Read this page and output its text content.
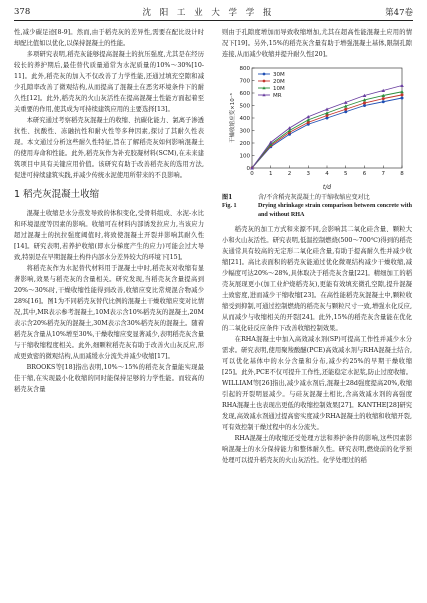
378	沈 阳 工 业 大 学 学 报	第47卷

性,减少碳足迹[8-9]。然而,由于稻壳灰的差异性,需要在配比设计时却配比值如以优化,以保持混凝土的性能。

多项研究表明,稻壳灰能够提高混凝土的抗压强度,尤其是在经历较长的养护期后,最佳替代质量通常为水泥质量的10%～30%[10-11]。此外,稻壳灰的加入不仅改善了力学性能,还通过填充空隙和减少孔隙率改善了微观结构,从而提高了混凝土在恶劣环境条件下的耐久性[12]。此外,稻壳灰的火山灰活性在提高混凝土性能方面起着至关重要的作用,使其成为可持续建筑应用的主要选择[13]。

本研究通过考察稻壳灰混凝土的收缩、抗碳化能力、氯离子渗透抗性、抗酸性、冻融抗性和耐火性等多种因素,探讨了其耐久性表现。本文通过分析这些耐久性特征,旨在了解稻壳灰如何影响混凝土的使用寿命和性能。此外,稻壳灰作为补充胶凝材料(SCM),在未来建筑项目中具有关键应用价值。该研究有助于改善稻壳灰的选用方法,促进可持续建筑实践,并减少传统水泥使用所带来的不良影响。

1 稻壳灰混凝土收缩

混凝土收缩是水分蒸发导致的体积变化,受骨料组成、水泥-水比和环境湿度等因素的影响。收缩可在材料内部诱发拉应力,当该应力超过混凝土的抗拉强度阈值时,将致使混凝土开裂并影响其耐久性[14]。研究表明,若养护收缩(即水分梯度产生的应力)可能会过大导致,特别是在早期混凝土构件内部水分差异较大的环境下[15]。

将稻壳灰作为水泥替代材料用于混凝土中时,稻壳灰对收缩有显著影响,效果与稻壳灰的含量相关。研究发现,当稻壳灰含量提高到20%～30%时,干燥收缩性能得到改善,收缩应变比常规混合物减少28%[16]。图1为不同稻壳灰替代比例的混凝土干燥收缩应变对比情况,其中,MR表示参考混凝土,10M表示含10%稻壳灰的混凝土,20M表示含20%稻壳灰的混凝土,30M表示含30%稻壳灰的混凝土。随着稻壳灰含量从10%增至30%,干燥收缩应变显著减少,表明稻壳灰含量与干缩收缩程度相关。此外,细颗粒稻壳灰有助于改善火山灰反应,形成更致密的微观结构,从而减缓水分流失并减少收缩[17]。

BROOKS等[18]指出表明,10%～15%的稻壳灰含量能实现最佳干缩,在实现最小化收缩的同时能保持足够的力学性能。而较高的稻壳灰含量

则由于孔隙度增加而导致收缩增加,尤其在超高性能混凝土应用的情况下[19]。另外,15%的稻壳灰含量有助于增强混凝土基体,限制孔隙连接,从而减少收缩并提升耐久性[20]。

0
100
200
300
400
500
600
700
800
0	1	2	3	4	5	6	7	8
t/d
干燥收缩应变×10⁻⁶
30M
20M
10M
MR
图1	含/不含稻壳灰混凝土的干缩收缩应变对比
Fig. 1	Drying shrinkage strain comparison between concrete with and without RHA

稻壳灰的加工方式和来源不同,会影响其二氧化硅含量、颗粒大小和火山灰活性。研究表明,低温控制燃烧(500～700℃)得到的稻壳灰通常具有较高的无定形二氧化硅含量,有助于提高耐久性并减少收缩[21]。高比表面积的稻壳灰能通过优化微观结构减少干燥收缩,减少幅度可达20%～28%,具体取决于稻壳灰含量[22]。精细加工的稻壳灰展现更小(加工业炉烧稻壳灰),更能有效填充微孔空隙,提升混凝土致密度,进而减少干缩收缩[23]。在高性能稻壳灰混凝土中,颗粒收缩受到抑制,可通过控制燃烧的稻壳灰与颗粒尺寸一致,增强水化反应,从而减少与收缩相关的开裂[24]。此外,15%的稻壳灰含量能在优化的二氧化硅反应条件下改善收缩控制效果。

在RHA混凝土中加入高效减水剂(SP)可提高工作性并减少水分需求。研究表明,使用聚羧酸醚(PCE)高效减水剂与RHA混凝土结合,可以优化基体中的水分含量和分布,减少约25%的早期干燥收缩[25]。此外,PCE不仅可提升工作性,还能稳定水泥浆,防止过度收缩。WILLIAM等[26]指出,减少减水剂后,混凝土28d强度提高20%,收缩引起的开裂明显减少。与硅灰混凝土相比,含高效减水剂的高强度RHA混凝土也表现出更低的收缩控制效果[27]。KANTHE[28]研究发现,高效减水剂通过提高密实度减少RHA混凝土的收缩和收缩开裂,可有效控制干燥过程中的水分流失。

RHA混凝土的收缩还受处理方法和养护条件的影响,这些因素影响混凝土的水分保持能力和整体耐久性。研究表明,燃烧前的化学预处理可以提升稻壳灰的火山灰活性。化学处理过的稻
